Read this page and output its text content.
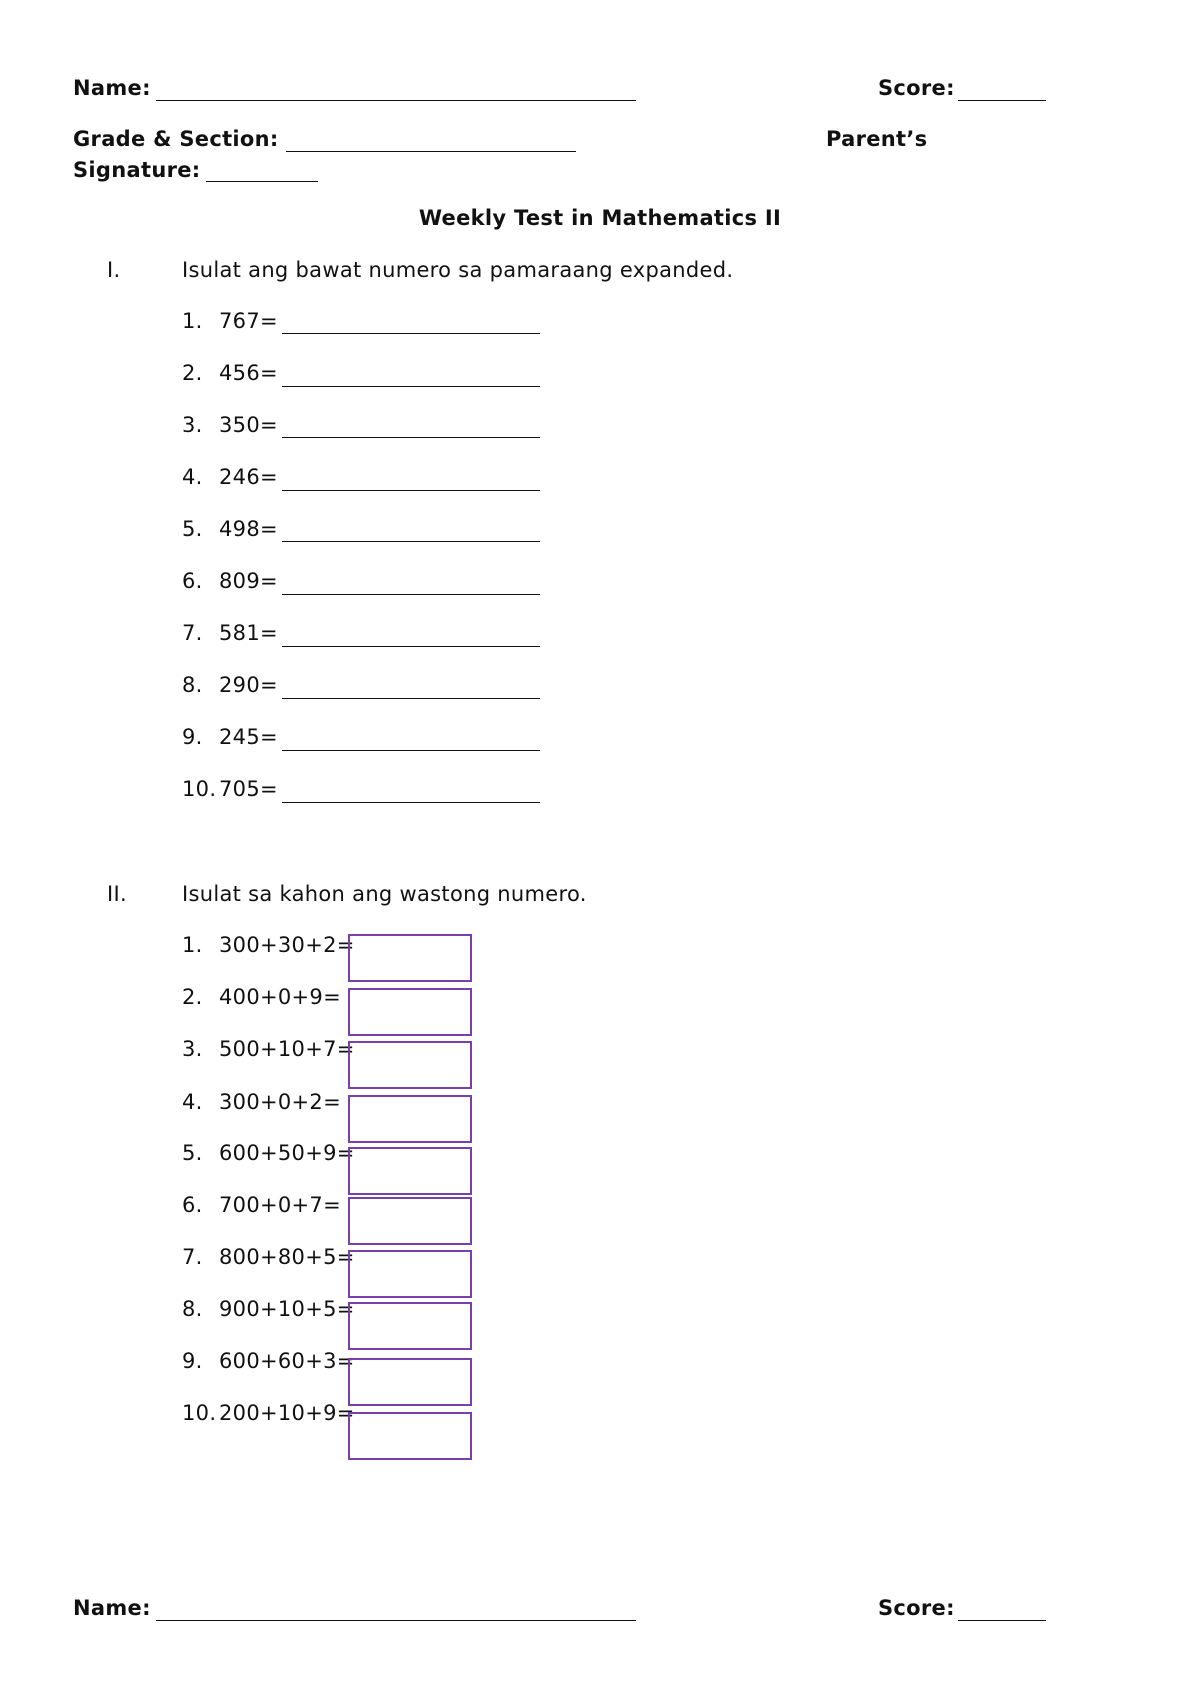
Name:	Score:
Grade & Section:	Parent’s
Signature:
Weekly Test in Mathematics II
I.	Isulat ang bawat numero sa pamaraang expanded.
1. 767=
2. 456=
3. 350=
4. 246=
5. 498=
6. 809=
7. 581=
8. 290=
9. 245=
10. 705=
II.	Isulat sa kahon ang wastong numero.
1. 300+30+2=
2. 400+0+9=
3. 500+10+7=
4. 300+0+2=
5. 600+50+9=
6. 700+0+7=
7. 800+80+5=
8. 900+10+5=
9. 600+60+3=
10. 200+10+9=
Name:	Score:
